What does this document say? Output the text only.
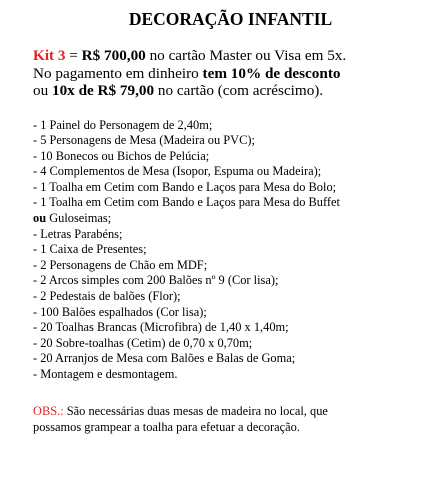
DECORAÇÃO INFANTIL
Kit 3 = R$ 700,00 no cartão Master ou Visa em 5x.
No pagamento em dinheiro tem 10% de desconto
ou 10x de R$ 79,00 no cartão (com acréscimo).
- 1 Painel do Personagem de 2,40m;
- 5 Personagens de Mesa (Madeira ou PVC);
- 10 Bonecos ou Bichos de Pelúcia;
- 4 Complementos de Mesa (Isopor, Espuma ou Madeira);
- 1 Toalha em Cetim com Bando e Laços para Mesa do Bolo;
- 1 Toalha em Cetim com Bando e Laços para Mesa do Buffet
ou Guloseimas;
- Letras Parabéns;
- 1 Caixa de Presentes;
- 2 Personagens de Chão em MDF;
- 2 Arcos simples com 200 Balões nº 9 (Cor lisa);
- 2 Pedestais de balões (Flor);
- 100 Balões espalhados (Cor lisa);
- 20 Toalhas Brancas (Microfibra) de 1,40 x 1,40m;
- 20 Sobre-toalhas (Cetim) de 0,70 x 0,70m;
- 20 Arranjos de Mesa com Balões e Balas de Goma;
- Montagem e desmontagem.
OBS.: São necessárias duas mesas de madeira no local, que
possamos grampear a toalha para efetuar a decoração.
